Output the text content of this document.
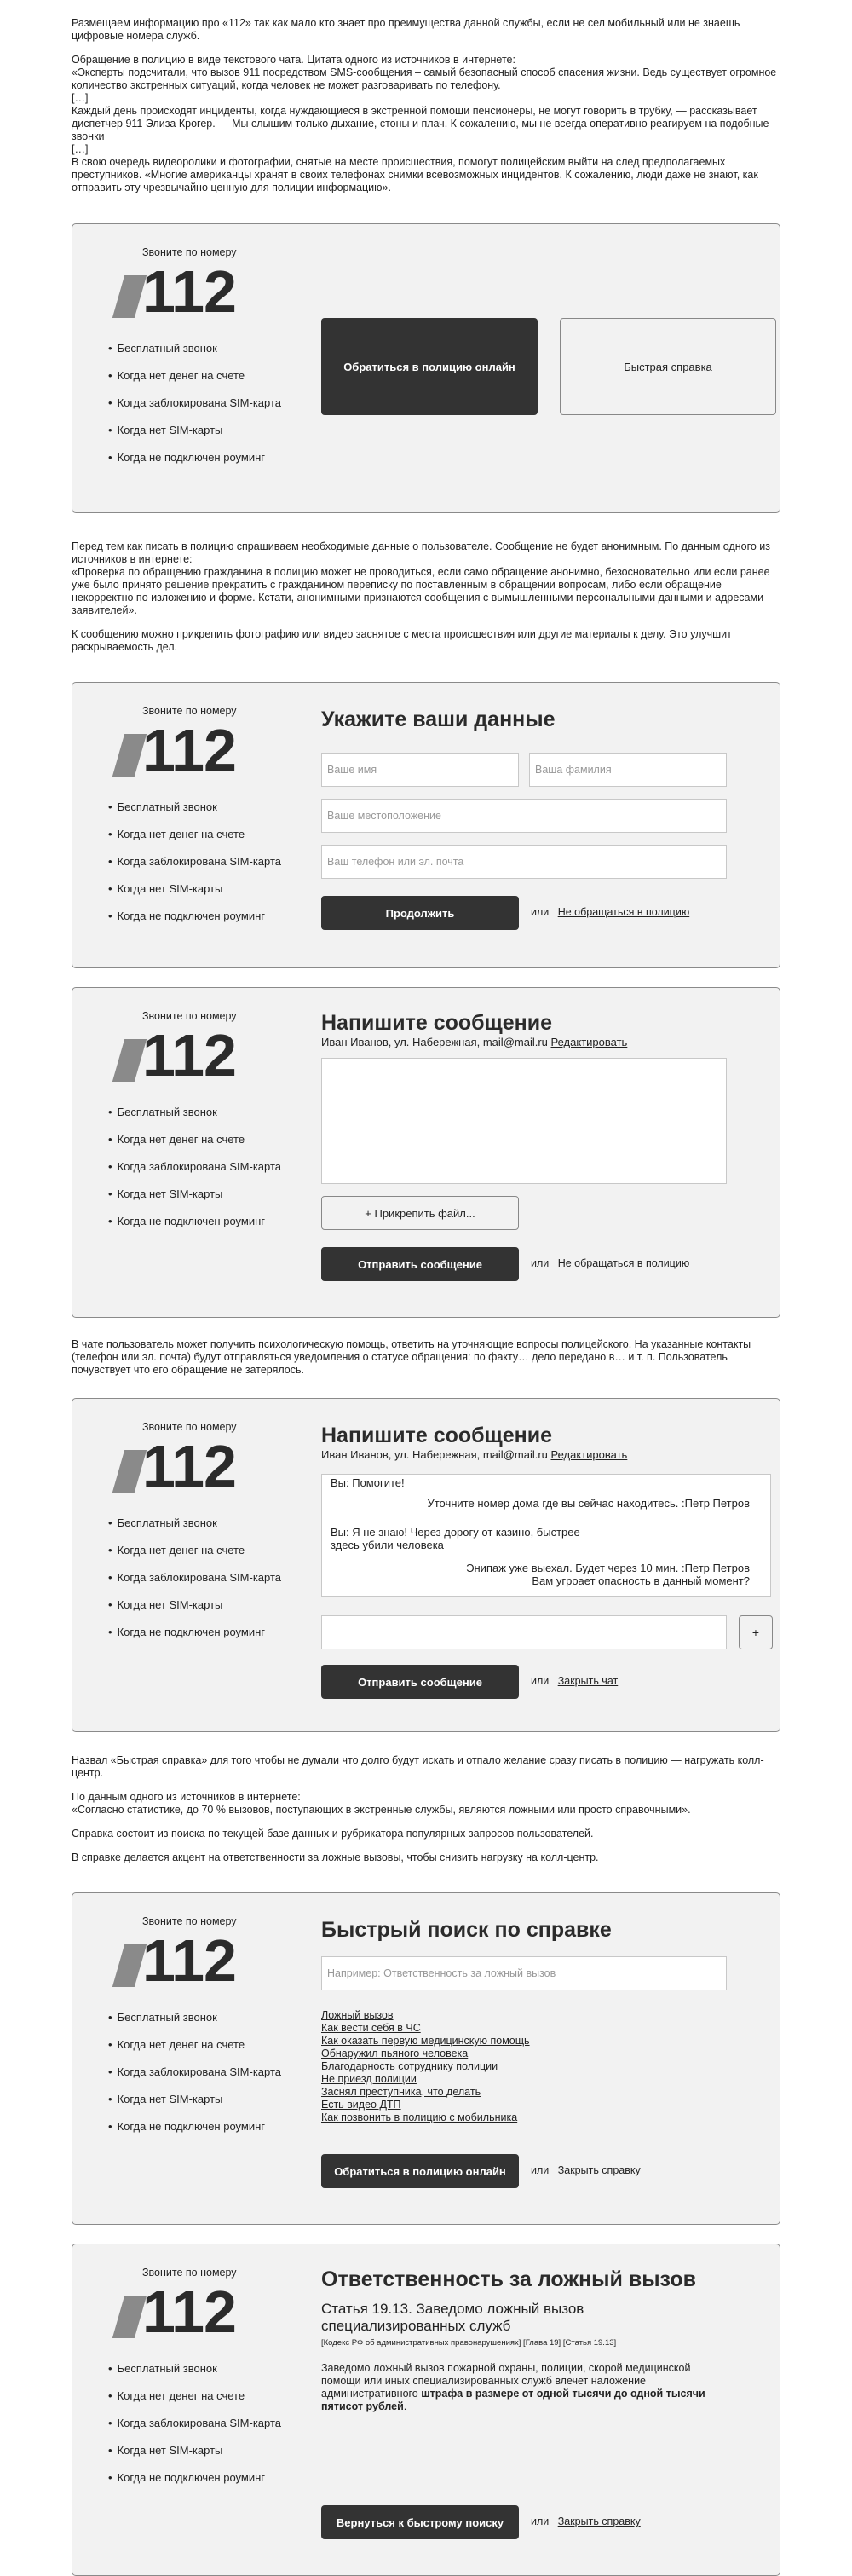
Размещаем информацию про «112» так как мало кто знает про преимущества данной службы, если не сел мобильный или не знаешь цифровые номера служб.

Обращение в полицию в виде текстового чата. Цитата одного из источников в интернете:

«Эксперты подсчитали, что вызов 911 посредством SMS-сообщения – самый безопасный способ спасения жизни. Ведь существует огромное количество экстренных ситуаций, когда человек не может разговаривать по телефону.

[…]

Каждый день происходят инциденты, когда нуждающиеся в экстренной помощи пенсионеры, не могут говорить в трубку, — рассказывает диспетчер 911 Элиза Крогер. — Мы слышим только дыхание, стоны и плач. К сожалению, мы не всегда оперативно реагируем на подобные звонки

[…]

В свою очередь видеоролики и фотографии, снятые на месте происшествия, помогут полицейским выйти на след предполагаемых преступников. «Многие американцы хранят в своих телефонах снимки всевозможных инцидентов. К сожалению, люди даже не знают, как отправить эту чрезвычайно ценную для полиции информацию».

Звоните по номеру
112
• Бесплатный звонок
• Когда нет денег на счете
• Когда заблокирована SIM-карта
• Когда нет SIM-карты
• Когда не подключен роуминг
Обратиться в полицию онлайн	Быстрая справка

Перед тем как писать в полицию спрашиваем необходимые данные о пользователе. Сообщение не будет анонимным. По данным одного из источников в интернете:

«Проверка по обращению гражданина в полицию может не проводиться, если само обращение анонимно, безосновательно или если ранее уже было принято решение прекратить с гражданином переписку по поставленным в обращении вопросам, либо если обращение некорректно по изложению и форме. Кстати, анонимными признаются сообщения с вымышленными персональными данными и адресами заявителей».

К сообщению можно прикрепить фотографию или видео заснятое с места происшествия или другие материалы к делу. Это улучшит раскрываемость дел.

Звоните по номеру
112
• Бесплатный звонок
• Когда нет денег на счете
• Когда заблокирована SIM-карта
• Когда нет SIM-карты
• Когда не подключен роуминг
Укажите ваши данные
Ваше имя	Ваша фамилия
Ваше местоположение
Ваш телефон или эл. почта
Продолжить	или Не обращаться в полицию
Звоните по номеру
112
• Бесплатный звонок
• Когда нет денег на счете
• Когда заблокирована SIM-карта
• Когда нет SIM-карты
• Когда не подключен роуминг
Напишите сообщение
Иван Иванов, ул. Набережная, mail@mail.ru Редактировать
+ Прикрепить файл...
Отправить сообщение	или Не обращаться в полицию

В чате пользователь может получить психологическую помощь, ответить на уточняющие вопросы полицейского. На указанные контакты (телефон или эл. почта) будут отправляться уведомления о статусе обращения: по факту… дело передано в… и т. п. Пользователь почувствует что его обращение не затерялось.

Звоните по номеру
112
• Бесплатный звонок
• Когда нет денег на счете
• Когда заблокирована SIM-карта
• Когда нет SIM-карты
• Когда не подключен роуминг
Напишите сообщение
Иван Иванов, ул. Набережная, mail@mail.ru Редактировать
Вы: Помогите!
Уточните номер дома где вы сейчас находитесь. :Петр Петров
Вы: Я не знаю! Через дорогу от казино, быстрее здесь убили человека
Энипаж уже выехал. Будет через 10 мин. :Петр Петров Вам угроает опасность в данный момент?
+
Отправить сообщение	или Закрыть чат

Назвал «Быстрая справка» для того чтобы не думали что долго будут искать и отпало желание сразу писать в полицию — нагружать колл-центр.

По данным одного из источников в интернете:

«Согласно статистике, до 70 % вызовов, поступающих в экстренные службы, являются ложными или просто справочными».

Справка состоит из поиска по текущей базе данных и рубрикатора популярных запросов пользователей.

В справке делается акцент на ответственности за ложные вызовы, чтобы снизить нагрузку на колл-центр.

Звоните по номеру
112
• Бесплатный звонок
• Когда нет денег на счете
• Когда заблокирована SIM-карта
• Когда нет SIM-карты
• Когда не подключен роуминг
Быстрый поиск по справке
Например: Ответственность за ложный вызов
Ложный вызов
Как вести себя в ЧС
Как оказать первую медицинскую помощь
Обнаружил пьяного человека
Благодарность сотруднику полиции
Не приезд полиции
Заснял преступника, что делать
Есть видео ДТП
Как позвонить в полицию с мобильника
Обратиться в полицию онлайн	или Закрыть справку
Звоните по номеру
112
• Бесплатный звонок
• Когда нет денег на счете
• Когда заблокирована SIM-карта
• Когда нет SIM-карты
• Когда не подключен роуминг
Ответственность за ложный вызов
Статья 19.13. Заведомо ложный вызов специализированных служб
[Кодекс РФ об административных правонарушениях] [Глава 19] [Статья 19.13]
Заведомо ложный вызов пожарной охраны, полиции, скорой медицинской помощи или иных специализированных служб влечет наложение административного штрафа в размере от одной тысячи до одной тысячи пятисот рублей.
Вернуться к быстрому поиску	или Закрыть справку
